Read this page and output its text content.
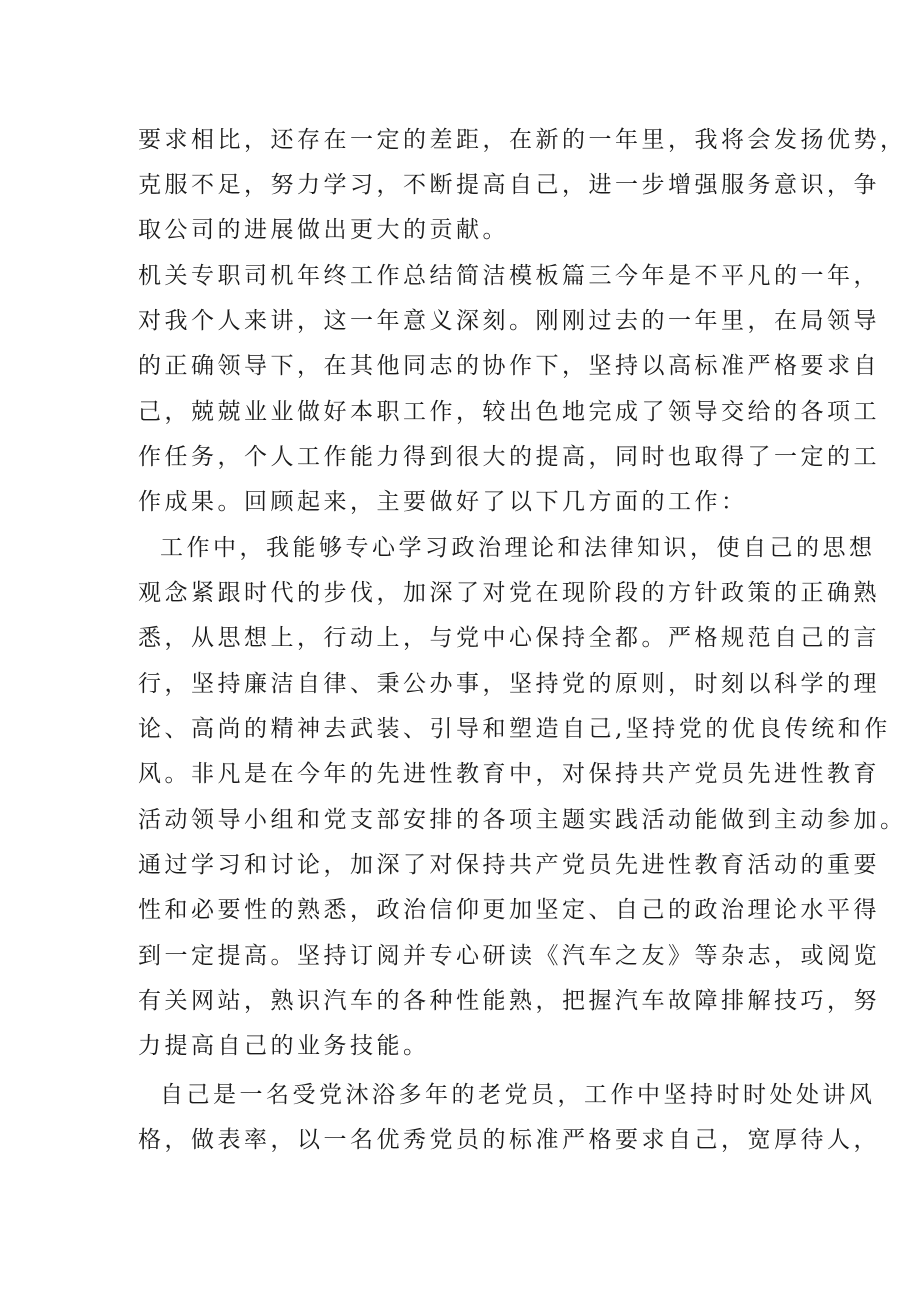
要求相比，还存在一定的差距，在新的一年里，我将会发扬优势，
克服不足，努力学习，不断提高自己，进一步增强服务意识，争
取公司的进展做出更大的贡献。
机关专职司机年终工作总结简洁模板篇三今年是不平凡的一年，
对我个人来讲，这一年意义深刻。刚刚过去的一年里，在局领导
的正确领导下，在其他同志的协作下，坚持以高标准严格要求自
己，兢兢业业做好本职工作，较出色地完成了领导交给的各项工
作任务，个人工作能力得到很大的提高，同时也取得了一定的工
作成果。回顾起来，主要做好了以下几方面的工作：
工作中，我能够专心学习政治理论和法律知识，使自己的思想
观念紧跟时代的步伐，加深了对党在现阶段的方针政策的正确熟
悉，从思想上，行动上，与党中心保持全都。严格规范自己的言
行，坚持廉洁自律、秉公办事，坚持党的原则，时刻以科学的理
论、高尚的精神去武装、引导和塑造自己,坚持党的优良传统和作
风。非凡是在今年的先进性教育中，对保持共产党员先进性教育
活动领导小组和党支部安排的各项主题实践活动能做到主动参加。
通过学习和讨论，加深了对保持共产党员先进性教育活动的重要
性和必要性的熟悉，政治信仰更加坚定、自己的政治理论水平得
到一定提高。坚持订阅并专心研读《汽车之友》等杂志，或阅览
有关网站，熟识汽车的各种性能熟，把握汽车故障排解技巧，努
力提高自己的业务技能。
自己是一名受党沐浴多年的老党员，工作中坚持时时处处讲风
格，做表率，以一名优秀党员的标准严格要求自己，宽厚待人，
